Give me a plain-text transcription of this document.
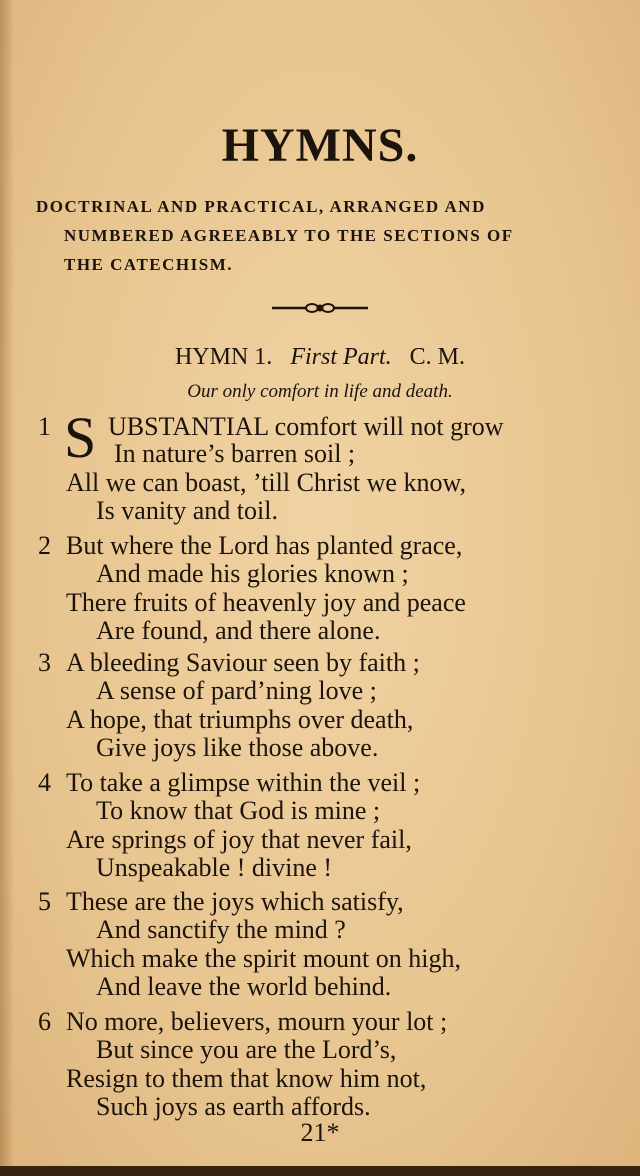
HYMNS.
DOCTRINAL AND PRACTICAL, ARRANGED AND
NUMBERED AGREEABLY TO THE SECTIONS OF
THE CATECHISM.
HYMN 1. First Part. C. M.
Our only comfort in life and death.
1 S UBSTANTIAL comfort will not grow
In nature’s barren soil ;
All we can boast, ’till Christ we know,
Is vanity and toil.
2 But where the Lord has planted grace,
And made his glories known ;
There fruits of heavenly joy and peace
Are found, and there alone.
3 A bleeding Saviour seen by faith ;
A sense of pard’ning love ;
A hope, that triumphs over death,
Give joys like those above.
4 To take a glimpse within the veil ;
To know that God is mine ;
Are springs of joy that never fail,
Unspeakable ! divine !
5 These are the joys which satisfy,
And sanctify the mind ?
Which make the spirit mount on high,
And leave the world behind.
6 No more, believers, mourn your lot ;
But since you are the Lord’s,
Resign to them that know him not,
Such joys as earth affords.
21*
